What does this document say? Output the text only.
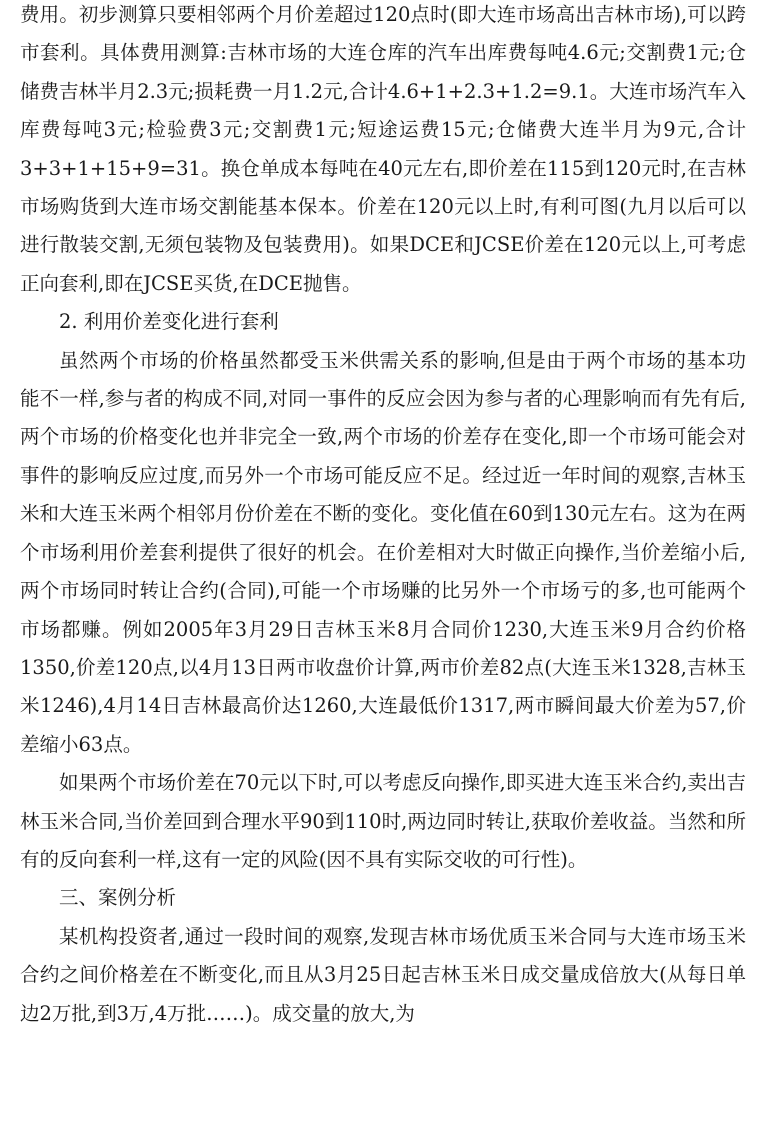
费用。初步测算只要相邻两个月价差超过120点时(即大连市场高出吉林市场),可以跨市套利。具体费用测算:吉林市场的大连仓库的汽车出库费每吨4.6元;交割费1元;仓储费吉林半月2.3元;损耗费一月1.2元,合计4.6+1+2.3+1.2=9.1。大连市场汽车入库费每吨3元;检验费3元;交割费1元;短途运费15元;仓储费大连半月为9元,合计3+3+1+15+9=31。换仓单成本每吨在40元左右,即价差在115到120元时,在吉林市场购货到大连市场交割能基本保本。价差在120元以上时,有利可图(九月以后可以进行散装交割,无须包装物及包装费用)。如果DCE和JCSE价差在120元以上,可考虑正向套利,即在JCSE买货,在DCE抛售。

2. 利用价差变化进行套利

虽然两个市场的价格虽然都受玉米供需关系的影响,但是由于两个市场的基本功能不一样,参与者的构成不同,对同一事件的反应会因为参与者的心理影响而有先有后,两个市场的价格变化也并非完全一致,两个市场的价差存在变化,即一个市场可能会对事件的影响反应过度,而另外一个市场可能反应不足。经过近一年时间的观察,吉林玉米和大连玉米两个相邻月份价差在不断的变化。变化值在60到130元左右。这为在两个市场利用价差套利提供了很好的机会。在价差相对大时做正向操作,当价差缩小后,两个市场同时转让合约(合同),可能一个市场赚的比另外一个市场亏的多,也可能两个市场都赚。例如2005年3月29日吉林玉米8月合同价1230,大连玉米9月合约价格1350,价差120点,以4月13日两市收盘价计算,两市价差82点(大连玉米1328,吉林玉米1246),4月14日吉林最高价达1260,大连最低价1317,两市瞬间最大价差为57,价差缩小63点。

如果两个市场价差在70元以下时,可以考虑反向操作,即买进大连玉米合约,卖出吉林玉米合同,当价差回到合理水平90到110时,两边同时转让,获取价差收益。当然和所有的反向套利一样,这有一定的风险(因不具有实际交收的可行性)。

三、案例分析

某机构投资者,通过一段时间的观察,发现吉林市场优质玉米合同与大连市场玉米合约之间价格差在不断变化,而且从3月25日起吉林玉米日成交量成倍放大(从每日单边2万批,到3万,4万批……)。成交量的放大,为
